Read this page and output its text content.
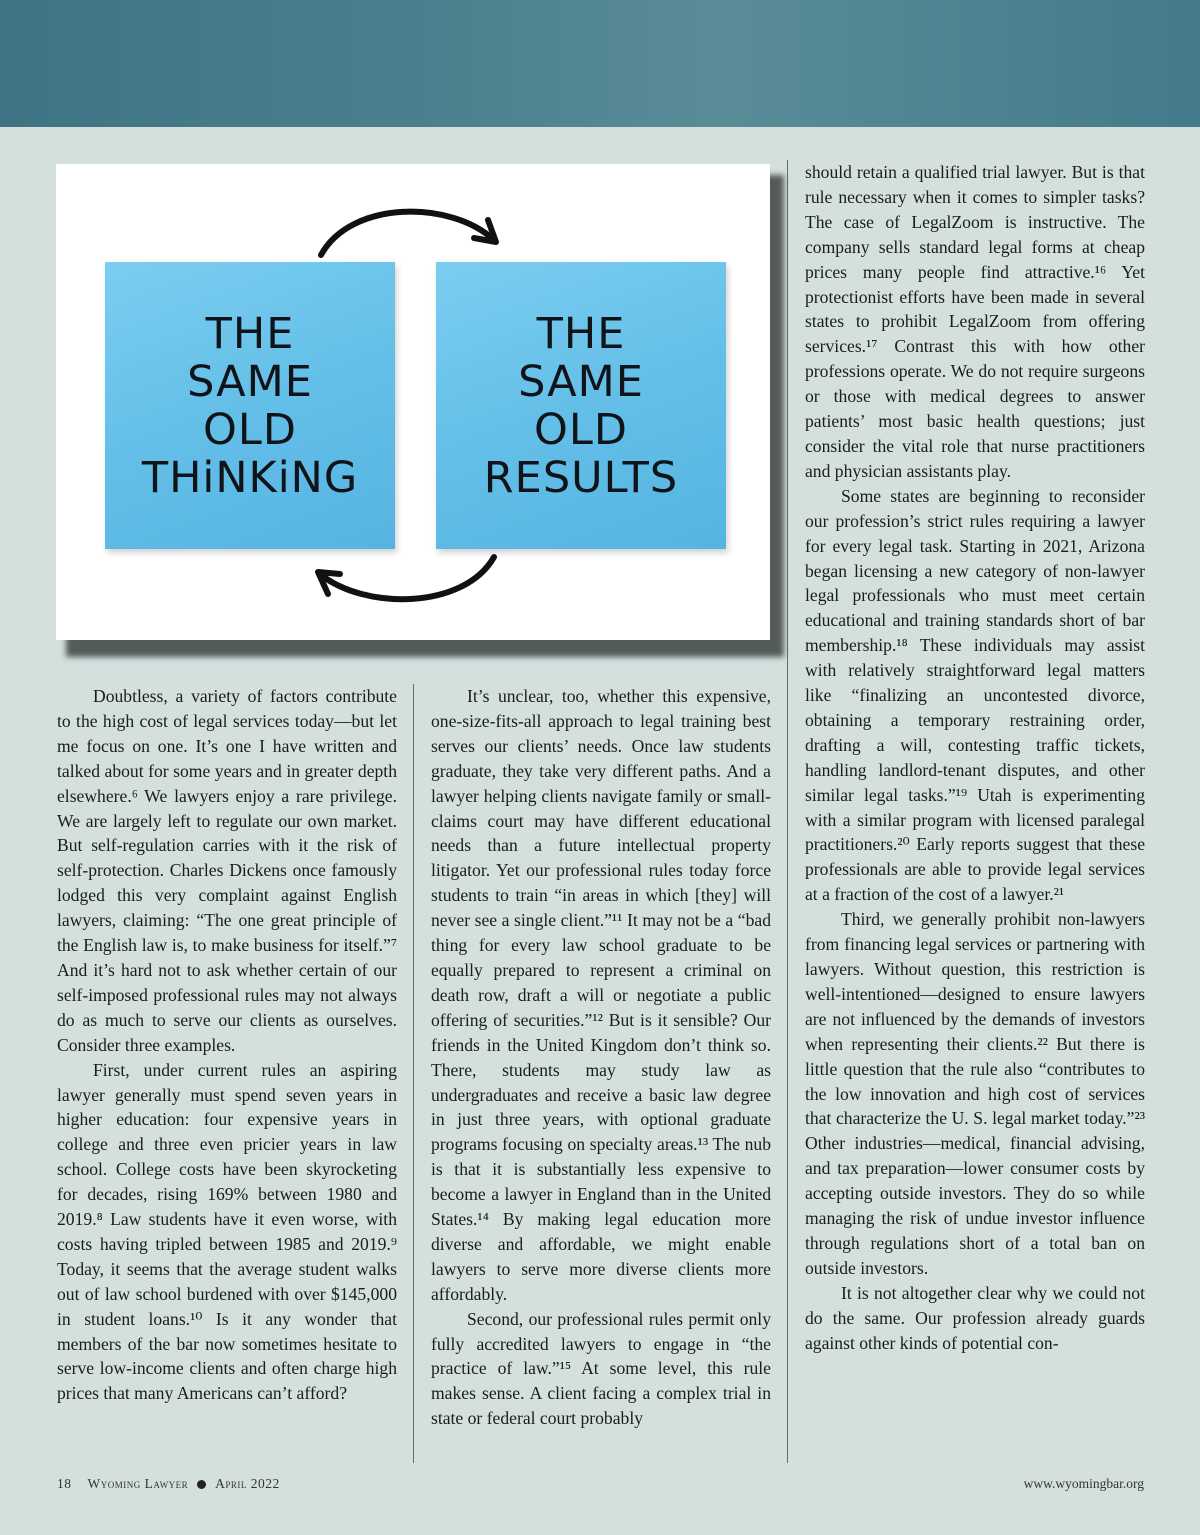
THE
SAME
OLD
THiNKiNG
THE
SAME
OLD
RESULTS

Doubtless, a variety of factors contribute to the high cost of legal services today—but let me focus on one. It’s one I have written and talked about for some years and in greater depth elsewhere.⁶ We lawyers enjoy a rare privilege. We are largely left to regulate our own market. But self-regulation carries with it the risk of self-protection. Charles Dickens once famously lodged this very complaint against English lawyers, claiming: “The one great principle of the English law is, to make business for itself.”⁷ And it’s hard not to ask whether certain of our self-imposed professional rules may not always do as much to serve our clients as ourselves. Consider three examples.

First, under current rules an aspiring lawyer generally must spend seven years in higher education: four expensive years in college and three even pricier years in law school. College costs have been skyrocketing for decades, rising 169% between 1980 and 2019.⁸ Law students have it even worse, with costs having tripled between 1985 and 2019.⁹ Today, it seems that the average student walks out of law school burdened with over $145,000 in student loans.¹⁰ Is it any wonder that members of the bar now sometimes hesitate to serve low-income clients and often charge high prices that many Americans can’t afford?

It’s unclear, too, whether this expensive, one-size-fits-all approach to legal training best serves our clients’ needs. Once law students graduate, they take very different paths. And a lawyer helping clients navigate family or small-claims court may have different educational needs than a future intellectual property litigator. Yet our professional rules today force students to train “in areas in which [they] will never see a single client.”¹¹ It may not be a “bad thing for every law school graduate to be equally prepared to represent a criminal on death row, draft a will or negotiate a public offering of securities.”¹² But is it sensible? Our friends in the United Kingdom don’t think so. There, students may study law as undergraduates and receive a basic law degree in just three years, with optional graduate programs focusing on specialty areas.¹³ The nub is that it is substantially less expensive to become a lawyer in England than in the United States.¹⁴ By making legal education more diverse and affordable, we might enable lawyers to serve more diverse clients more affordably.

Second, our professional rules permit only fully accredited lawyers to engage in “the practice of law.”¹⁵ At some level, this rule makes sense. A client facing a complex trial in state or federal court probably

should retain a qualified trial lawyer. But is that rule necessary when it comes to simpler tasks? The case of LegalZoom is instructive. The company sells standard legal forms at cheap prices many people find attractive.¹⁶ Yet protectionist efforts have been made in several states to prohibit LegalZoom from offering services.¹⁷ Contrast this with how other professions operate. We do not require surgeons or those with medical degrees to answer patients’ most basic health questions; just consider the vital role that nurse practitioners and physician assistants play.

Some states are beginning to reconsider our profession’s strict rules requiring a lawyer for every legal task. Starting in 2021, Arizona began licensing a new category of non-lawyer legal professionals who must meet certain educational and training standards short of bar membership.¹⁸ These individuals may assist with relatively straightforward legal matters like “finalizing an uncontested divorce, obtaining a temporary restraining order, drafting a will, contesting traffic tickets, handling landlord-tenant disputes, and other similar legal tasks.”¹⁹ Utah is experimenting with a similar program with licensed paralegal practitioners.²⁰ Early reports suggest that these professionals are able to provide legal services at a fraction of the cost of a lawyer.²¹

Third, we generally prohibit non-lawyers from financing legal services or partnering with lawyers. Without question, this restriction is well-intentioned—designed to ensure lawyers are not influenced by the demands of investors when representing their clients.²² But there is little question that the rule also “contributes to the low innovation and high cost of services that characterize the U. S. legal market today.”²³ Other industries—medical, financial advising, and tax preparation—lower consumer costs by accepting outside investors. They do so while managing the risk of undue investor influence through regulations short of a total ban on outside investors.

It is not altogether clear why we could not do the same. Our profession already guards against other kinds of potential con-

18 Wyoming Lawyer April 2022	www.wyomingbar.org
